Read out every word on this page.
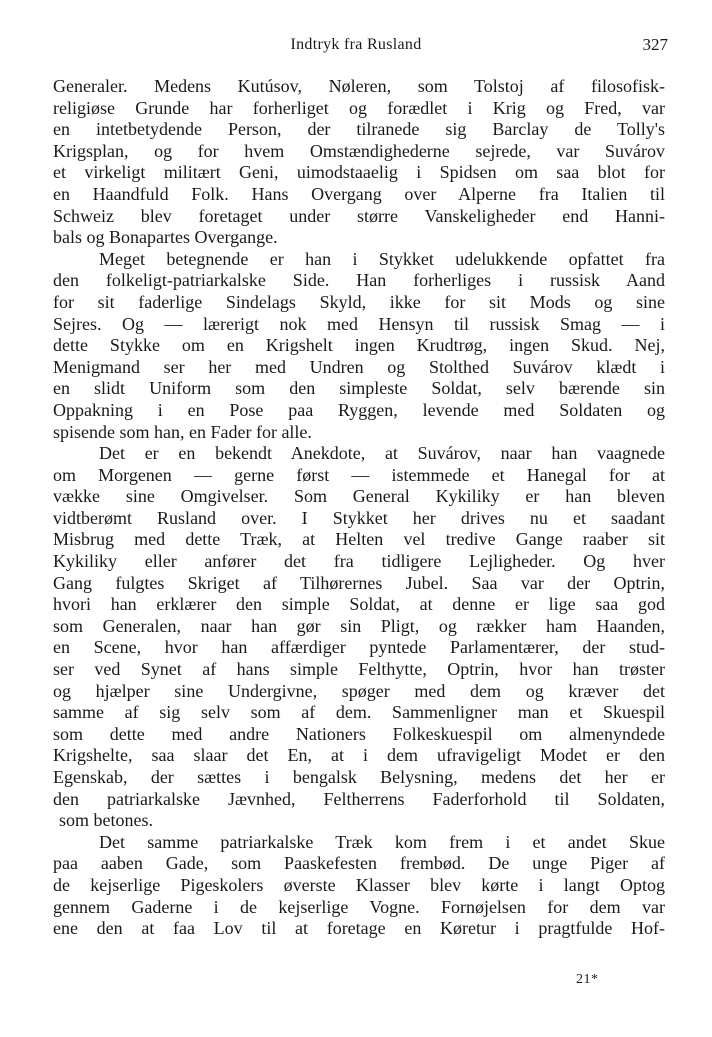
Indtryk fra Rusland	327
Generaler. Medens Kutúsov, Nøleren, som Tolstoj af filosofisk-
religiøse Grunde har forherliget og forædlet i Krig og Fred, var
en intetbetydende Person, der tilranede sig Barclay de Tolly's
Krigsplan, og for hvem Omstændighederne sejrede, var Suvárov
et virkeligt militært Geni, uimodstaaelig i Spidsen om saa blot for
en Haandfuld Folk. Hans Overgang over Alperne fra Italien til
Schweiz blev foretaget under større Vanskeligheder end Hanni-
bals og Bonapartes Overgange.
Meget betegnende er han i Stykket udelukkende opfattet fra
den folkeligt-patriarkalske Side. Han forherliges i russisk Aand
for sit faderlige Sindelags Skyld, ikke for sit Mods og sine
Sejres. Og — lærerigt nok med Hensyn til russisk Smag — i
dette Stykke om en Krigshelt ingen Krudtrøg, ingen Skud. Nej,
Menigmand ser her med Undren og Stolthed Suvárov klædt i
en slidt Uniform som den simpleste Soldat, selv bærende sin
Oppakning i en Pose paa Ryggen, levende med Soldaten og
spisende som han, en Fader for alle.
Det er en bekendt Anekdote, at Suvárov, naar han vaagnede
om Morgenen — gerne først — istemmede et Hanegal for at
vække sine Omgivelser. Som General Kykiliky er han bleven
vidtberømt Rusland over. I Stykket her drives nu et saadant
Misbrug med dette Træk, at Helten vel tredive Gange raaber sit
Kykiliky eller anfører det fra tidligere Lejligheder. Og hver
Gang fulgtes Skriget af Tilhørernes Jubel. Saa var der Optrin,
hvori han erklærer den simple Soldat, at denne er lige saa god
som Generalen, naar han gør sin Pligt, og rækker ham Haanden,
en Scene, hvor han affærdiger pyntede Parlamentærer, der stud-
ser ved Synet af hans simple Felthytte, Optrin, hvor han trøster
og hjælper sine Undergivne, spøger med dem og kræver det
samme af sig selv som af dem. Sammenligner man et Skuespil
som dette med andre Nationers Folkeskuespil om almenyndede
Krigshelte, saa slaar det En, at i dem ufravigeligt Modet er den
Egenskab, der sættes i bengalsk Belysning, medens det her er
den patriarkalske Jævnhed, Feltherrens Faderforhold til Soldaten,
som betones.
Det samme patriarkalske Træk kom frem i et andet Skue
paa aaben Gade, som Paaskefesten frembød. De unge Piger af
de kejserlige Pigeskolers øverste Klasser blev kørte i langt Optog
gennem Gaderne i de kejserlige Vogne. Fornøjelsen for dem var
ene den at faa Lov til at foretage en Køretur i pragtfulde Hof-
21*
